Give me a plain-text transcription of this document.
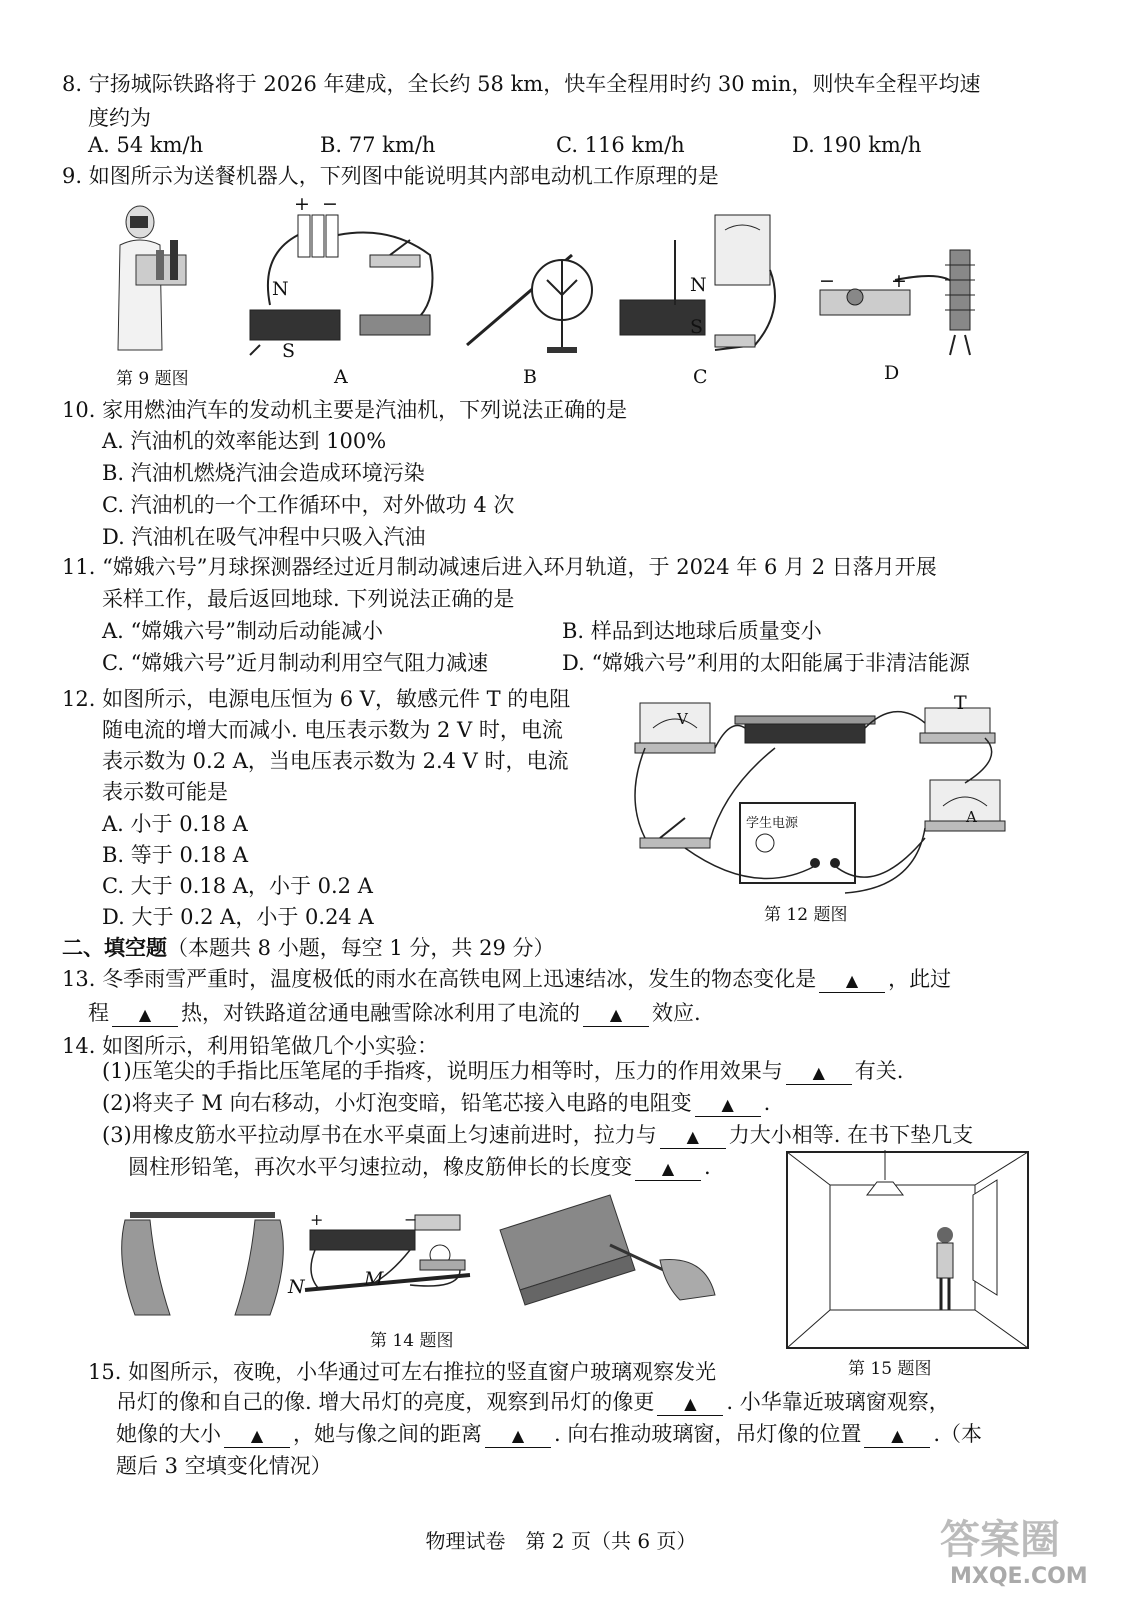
8. 宁扬城际铁路将于 2026 年建成，全长约 58 km，快车全程用时约 30 min，则快车全程平均速
度约为
A. 54 km/h	B. 77 km/h	C. 116 km/h	D. 190 km/h
9. 如图所示为送餐机器人，下列图中能说明其内部电动机工作原理的是
第 9 题图
+ −
N
S
A	B
N
S
C
−	+
D
10. 家用燃油汽车的发动机主要是汽油机，下列说法正确的是
A. 汽油机的效率能达到 100%
B. 汽油机燃烧汽油会造成环境污染
C. 汽油机的一个工作循环中，对外做功 4 次
D. 汽油机在吸气冲程中只吸入汽油
11. “嫦娥六号”月球探测器经过近月制动减速后进入环月轨道，于 2024 年 6 月 2 日落月开展
采样工作，最后返回地球. 下列说法正确的是
A. “嫦娥六号”制动后动能减小	B. 样品到达地球后质量变小
C. “嫦娥六号”近月制动利用空气阻力减速	D. “嫦娥六号”利用的太阳能属于非清洁能源
12. 如图所示，电源电压恒为 6 V，敏感元件 T 的电阻
随电流的增大而减小. 电压表示数为 2 V 时，电流
表示数为 0.2 A，当电压表示数为 2.4 V 时，电流
表示数可能是
A. 小于 0.18 A
B. 等于 0.18 A
C. 大于 0.18 A，小于 0.2 A
D. 大于 0.2 A，小于 0.24 A
V
T
A
学生电源
第 12 题图
二、填空题（本题共 8 小题，每空 1 分，共 29 分）
13. 冬季雨雪严重时，温度极低的雨水在高铁电网上迅速结冰，发生的物态变化是 ▲ ，此过
程 ▲ 热，对铁路道岔通电融雪除冰利用了电流的 ▲ 效应.
14. 如图所示，利用铅笔做几个小实验：
(1)压笔尖的手指比压笔尾的手指疼，说明压力相等时，压力的作用效果与 ▲ 有关.
(2)将夹子 M 向右移动，小灯泡变暗，铅笔芯接入电路的电阻变 ▲ .
(3)用橡皮筋水平拉动厚书在水平桌面上匀速前进时，拉力与 ▲ 力大小相等. 在书下垫几支
圆柱形铅笔，再次水平匀速拉动，橡皮筋伸长的长度变 ▲ .
+	−
N	M
第 14 题图
第 15 题图
15. 如图所示，夜晚，小华通过可左右推拉的竖直窗户玻璃观察发光
吊灯的像和自己的像. 增大吊灯的亮度，观察到吊灯的像更 ▲ . 小华靠近玻璃窗观察，
她像的大小 ▲ ，她与像之间的距离 ▲ . 向右推动玻璃窗，吊灯像的位置 ▲ .（本
题后 3 空填变化情况）
物理试卷　第 2 页（共 6 页）	答案圈
MXQE.COM
